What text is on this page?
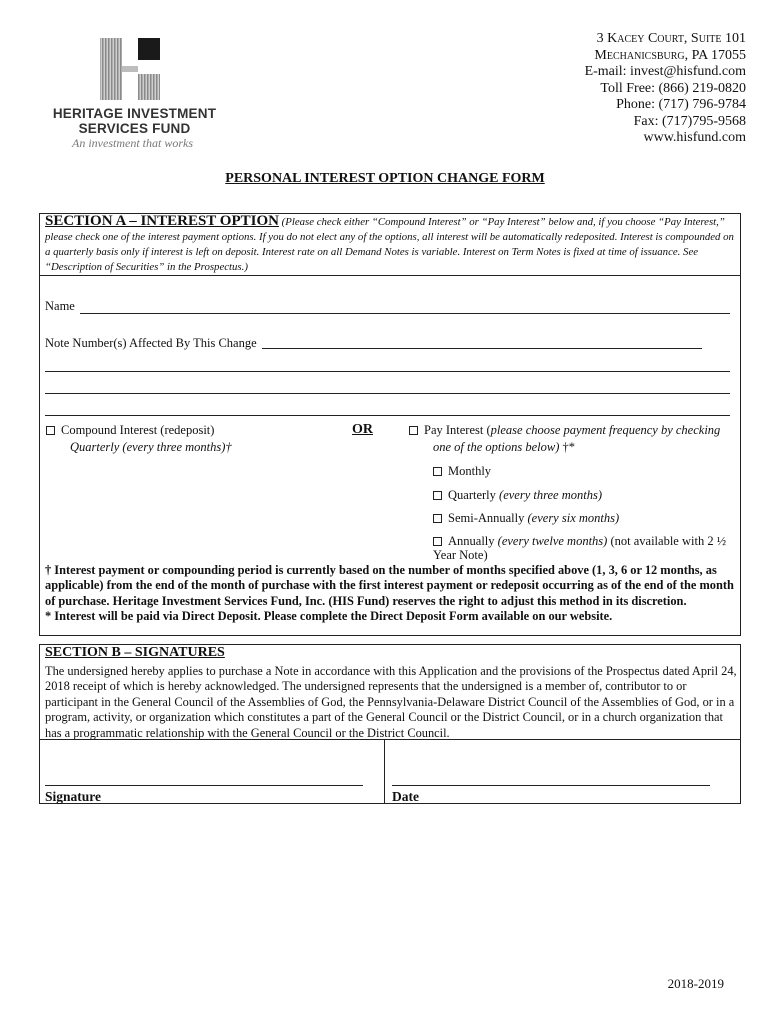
HERITAGE INVESTMENT
SERVICES FUND
An investment that works
3 Kacey Court, Suite 101
Mechanicsburg, PA 17055
E-mail: invest@hisfund.com
Toll Free: (866) 219-0820
Phone: (717) 796-9784
Fax: (717)795-9568
www.hisfund.com
PERSONAL INTEREST OPTION CHANGE FORM
SECTION A – INTEREST OPTION (Please check either “Compound Interest” or “Pay Interest” below and, if you choose “Pay Interest,” please check one of the interest payment options. If you do not elect any of the options, all interest will be automatically redeposited. Interest is compounded on a quarterly basis only if interest is left on deposit. Interest rate on all Demand Notes is variable. Interest on Term Notes is fixed at time of issuance. See “Description of Securities” in the Prospectus.)
Name
Note Number(s) Affected By This Change
Compound Interest (redeposit)
Quarterly (every three months)†
OR	Pay Interest (please choose payment frequency by checking
one of the options below) †*
Monthly
Quarterly (every three months)
Semi-Annually (every six months)
Annually (every twelve months) (not available with 2 ½
Year Note)
† Interest payment or compounding period is currently based on the number of months specified above (1, 3, 6 or 12 months, as applicable) from the end of the month of purchase with the first interest payment or redeposit occurring as of the end of the month of purchase. Heritage Investment Services Fund, Inc. (HIS Fund) reserves the right to adjust this method in its discretion.
* Interest will be paid via Direct Deposit. Please complete the Direct Deposit Form available on our website.
SECTION B – SIGNATURES
The undersigned hereby applies to purchase a Note in accordance with this Application and the provisions of the Prospectus dated April 24, 2018 receipt of which is hereby acknowledged. The undersigned represents that the undersigned is a member of, contributor to or participant in the General Council of the Assemblies of God, the Pennsylvania-Delaware District Council of the Assemblies of God, or in a program, activity, or organization which constitutes a part of the General Council or the District Council, or in a church organization that has a programmatic relationship with the General Council or the District Council.
Signature	Date
2018-2019
